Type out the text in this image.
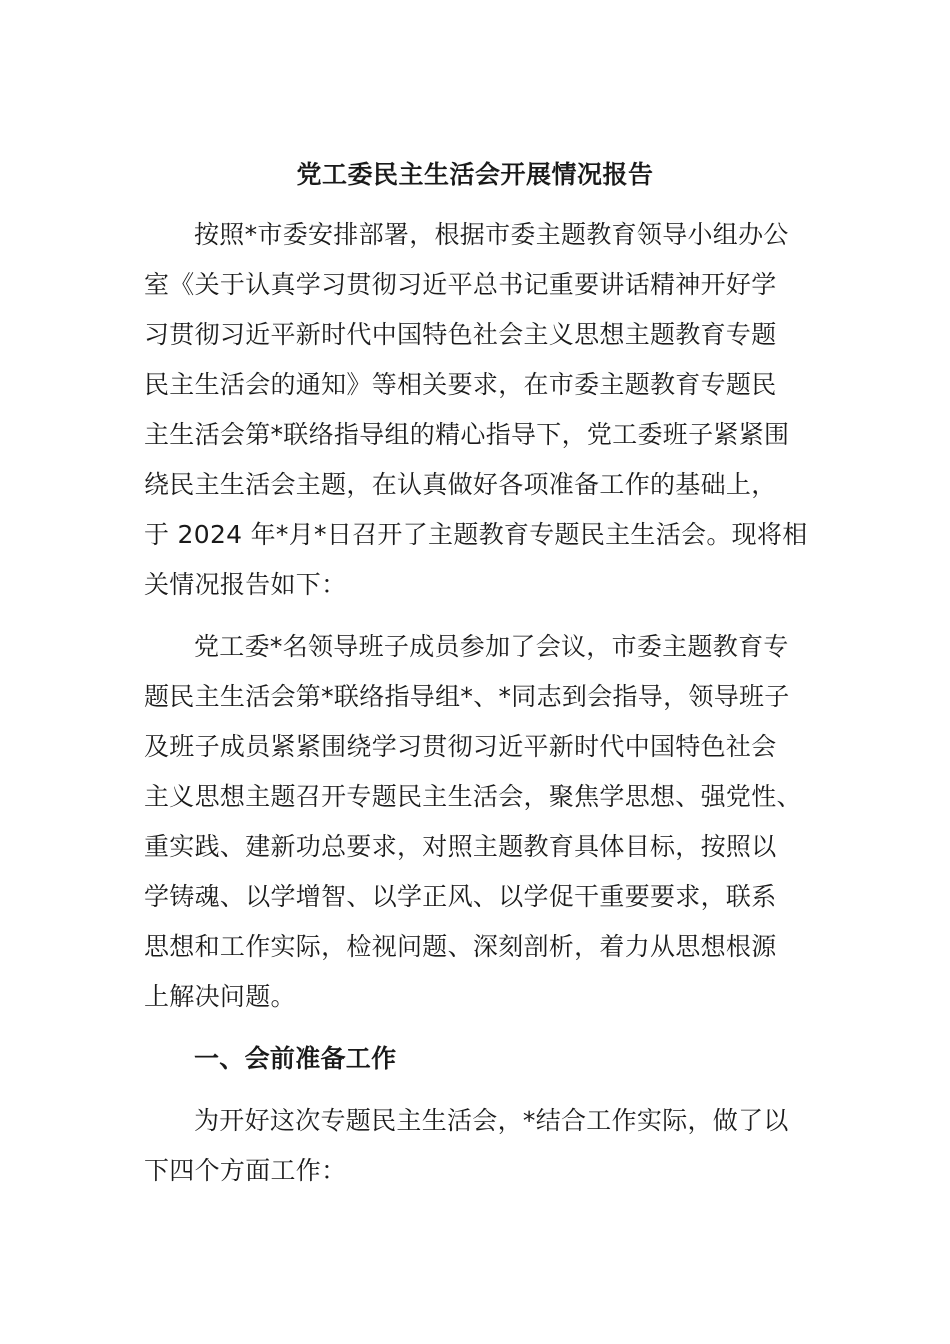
党工委民主生活会开展情况报告
按照*市委安排部署，根据市委主题教育领导小组办公
室《关于认真学习贯彻习近平总书记重要讲话精神开好学
习贯彻习近平新时代中国特色社会主义思想主题教育专题
民主生活会的通知》等相关要求，在市委主题教育专题民
主生活会第*联络指导组的精心指导下，党工委班子紧紧围
绕民主生活会主题，在认真做好各项准备工作的基础上，
于 2024 年*月*日召开了主题教育专题民主生活会。现将相
关情况报告如下：
党工委*名领导班子成员参加了会议，市委主题教育专
题民主生活会第*联络指导组*、*同志到会指导，领导班子
及班子成员紧紧围绕学习贯彻习近平新时代中国特色社会
主义思想主题召开专题民主生活会，聚焦学思想、强党性、
重实践、建新功总要求，对照主题教育具体目标，按照以
学铸魂、以学增智、以学正风、以学促干重要要求，联系
思想和工作实际，检视问题、深刻剖析，着力从思想根源
上解决问题。
一、会前准备工作
为开好这次专题民主生活会，*结合工作实际，做了以
下四个方面工作：
